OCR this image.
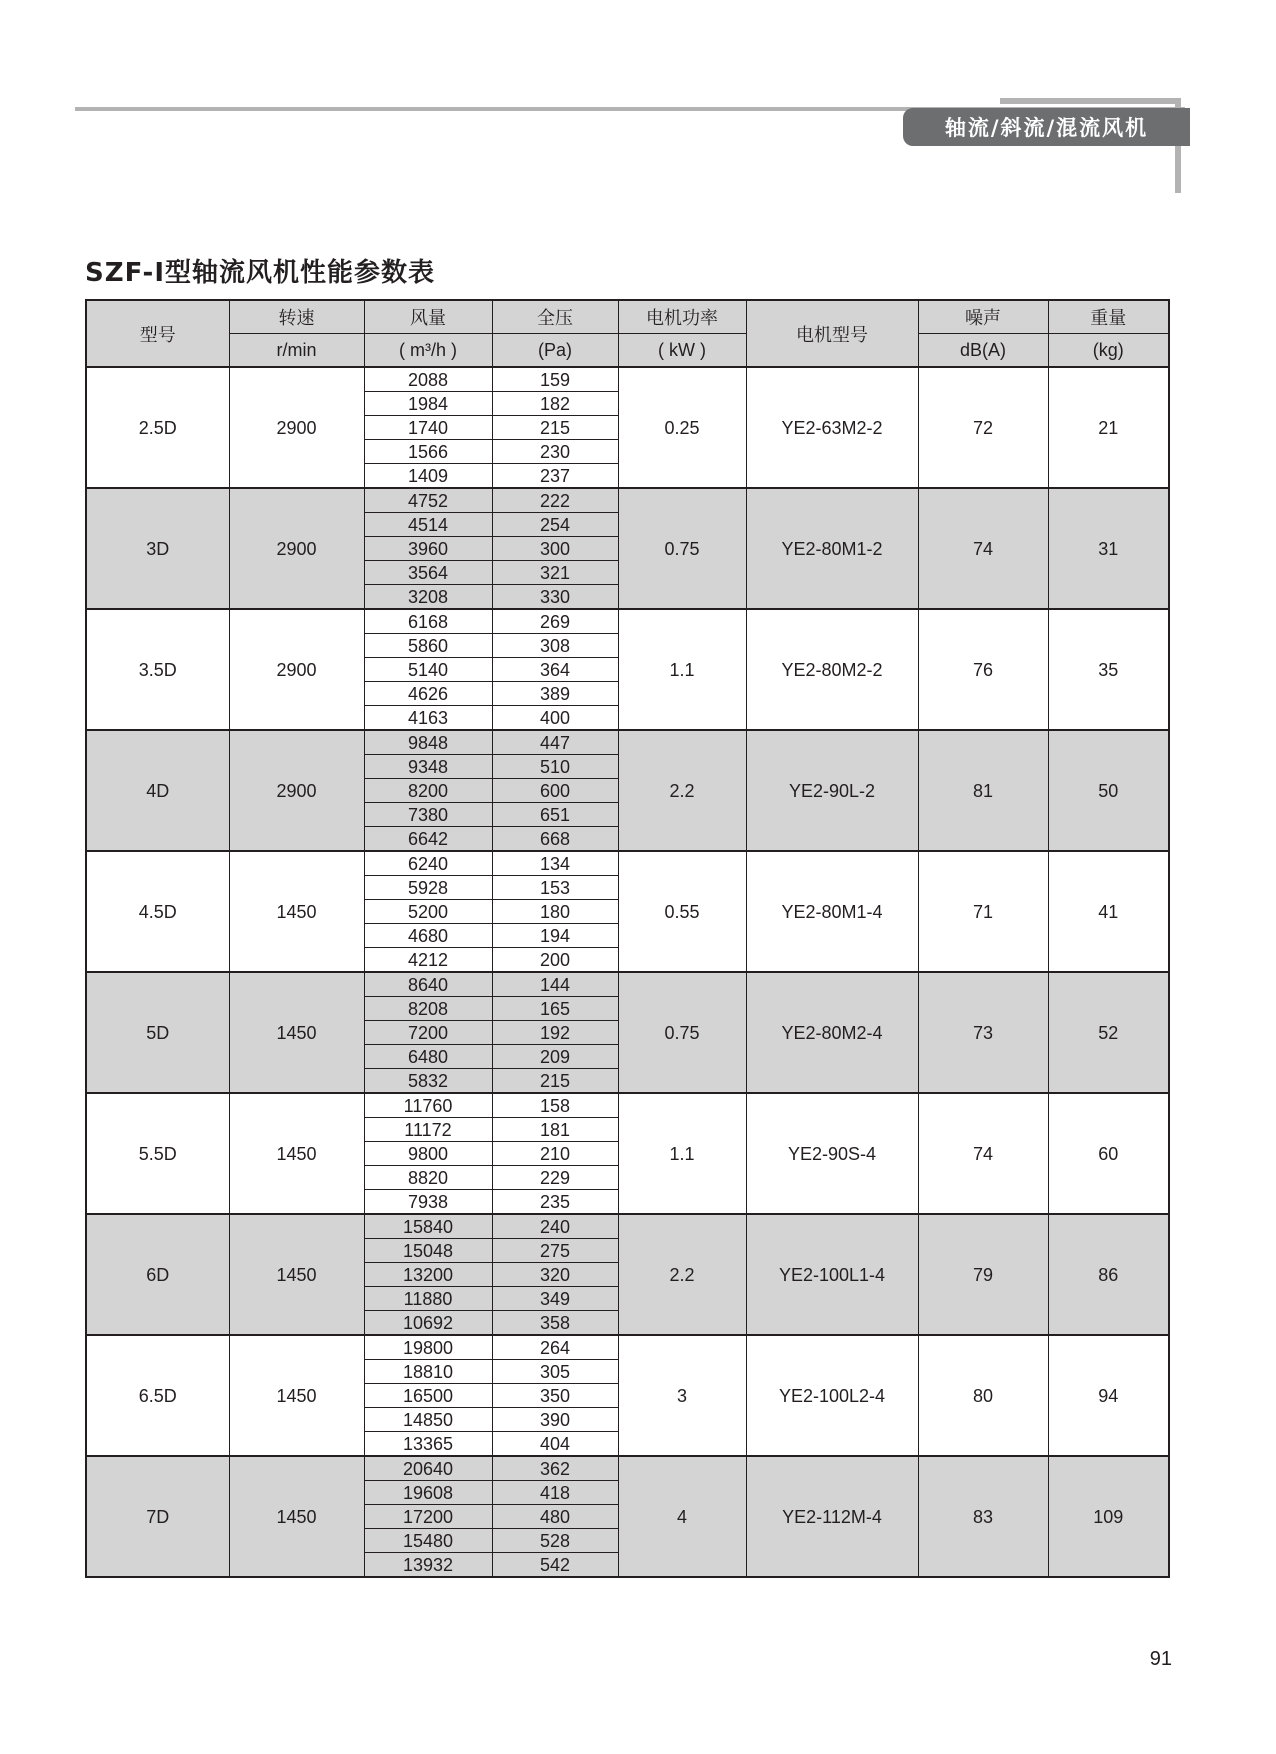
轴流/斜流/混流风机
SZF-I型轴流风机性能参数表
型号	转速	风量	全压	电机功率	电机型号	噪声	重量
	r/min	( m³/h )	(Pa)	( kW )		dB(A)	(kg)
2.5D	2900	2088	159	0.25	YE2-63M2-2	72	21
		1984	182				
		1740	215				
		1566	230				
		1409	237				
3D	2900	4752	222	0.75	YE2-80M1-2	74	31
		4514	254				
		3960	300				
		3564	321				
		3208	330				
3.5D	2900	6168	269	1.1	YE2-80M2-2	76	35
		5860	308				
		5140	364				
		4626	389				
		4163	400				
4D	2900	9848	447	2.2	YE2-90L-2	81	50
		9348	510				
		8200	600				
		7380	651				
		6642	668				
4.5D	1450	6240	134	0.55	YE2-80M1-4	71	41
		5928	153				
		5200	180				
		4680	194				
		4212	200				
5D	1450	8640	144	0.75	YE2-80M2-4	73	52
		8208	165				
		7200	192				
		6480	209				
		5832	215				
5.5D	1450	11760	158	1.1	YE2-90S-4	74	60
		11172	181				
		9800	210				
		8820	229				
		7938	235				
6D	1450	15840	240	2.2	YE2-100L1-4	79	86
		15048	275				
		13200	320				
		11880	349				
		10692	358				
6.5D	1450	19800	264	3	YE2-100L2-4	80	94
		18810	305				
		16500	350				
		14850	390				
		13365	404				
7D	1450	20640	362	4	YE2-112M-4	83	109
		19608	418				
		17200	480				
		15480	528				
		13932	542				
91
